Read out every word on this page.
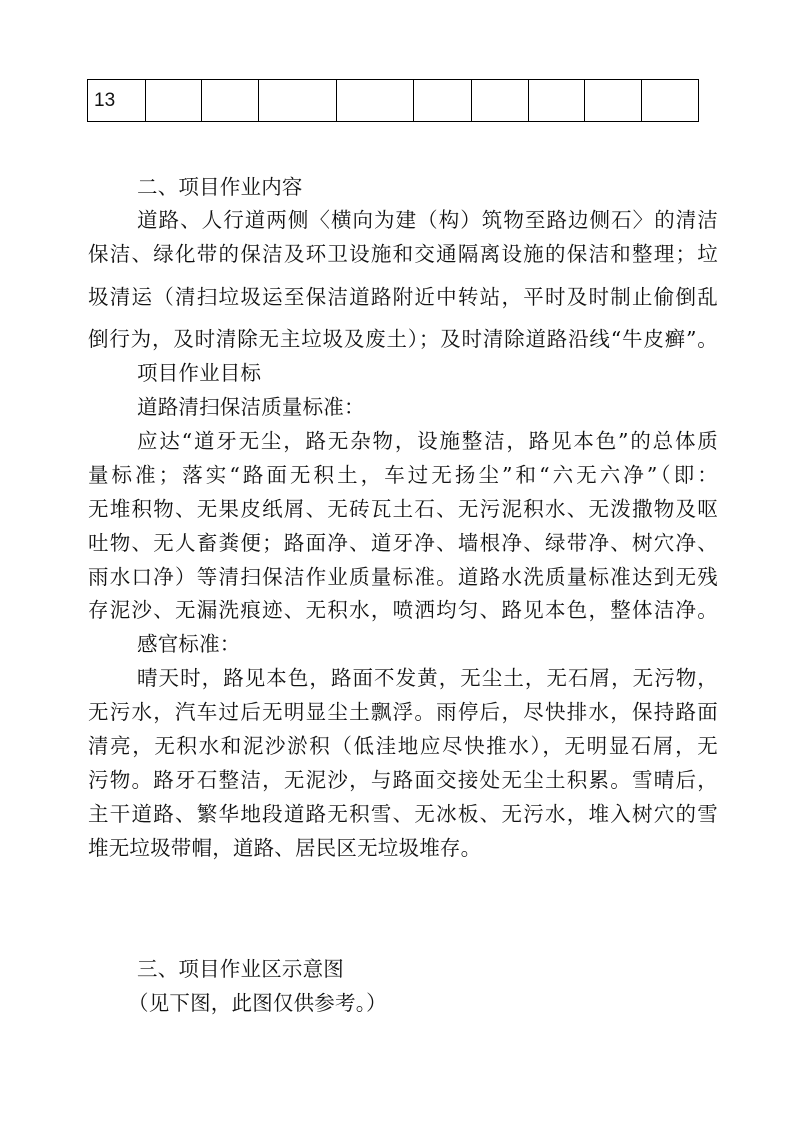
13									
二、项目作业内容
道路、人行道两侧〈横向为建（构）筑物至路边侧石〉的清洁
保洁、绿化带的保洁及环卫设施和交通隔离设施的保洁和整理；垃
圾清运（清扫垃圾运至保洁道路附近中转站，平时及时制止偷倒乱
倒行为，及时清除无主垃圾及废土）；及时清除道路沿线“牛皮癣”。
项目作业目标
道路清扫保洁质量标准：
应达“道牙无尘，路无杂物，设施整洁，路见本色”的总体质
量标准；落实“路面无积土，车过无扬尘”和“六无六净”（即：
无堆积物、无果皮纸屑、无砖瓦土石、无污泥积水、无泼撒物及呕
吐物、无人畜粪便；路面净、道牙净、墙根净、绿带净、树穴净、
雨水口净）等清扫保洁作业质量标准。道路水洗质量标准达到无残
存泥沙、无漏洗痕迹、无积水，喷洒均匀、路见本色，整体洁净。
感官标准：
晴天时，路见本色，路面不发黄，无尘土，无石屑，无污物，
无污水，汽车过后无明显尘土飘浮。雨停后，尽快排水，保持路面
清亮，无积水和泥沙淤积（低洼地应尽快推水），无明显石屑，无
污物。路牙石整洁，无泥沙，与路面交接处无尘土积累。雪晴后，
主干道路、繁华地段道路无积雪、无冰板、无污水，堆入树穴的雪
堆无垃圾带帽，道路、居民区无垃圾堆存。
三、项目作业区示意图
（见下图，此图仅供参考。）
